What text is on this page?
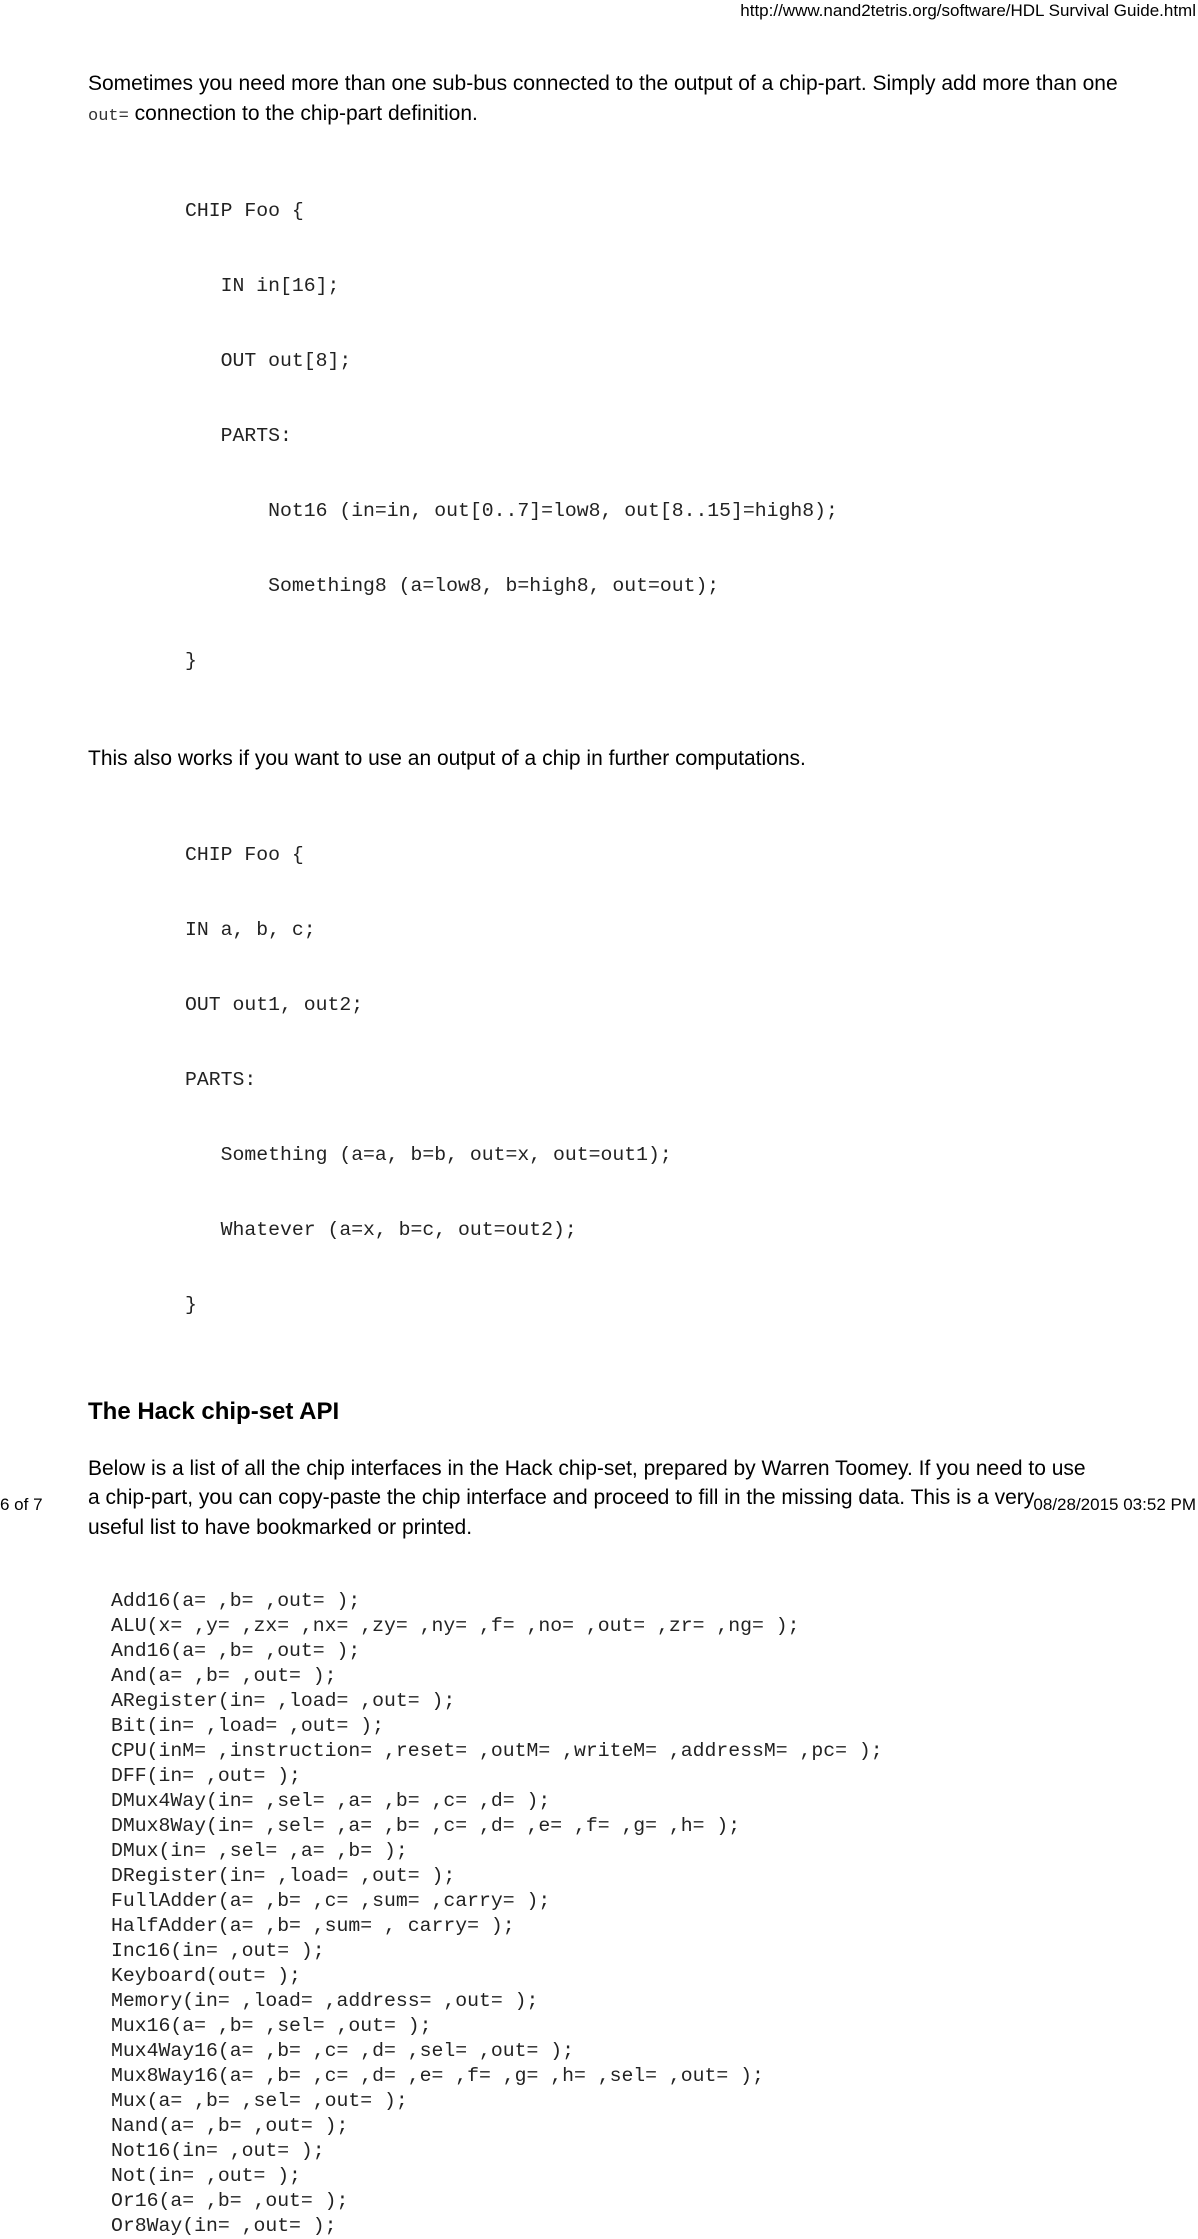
http://www.nand2tetris.org/software/HDL Survival Guide.html

Sometimes you need more than one sub-bus connected to the output of a chip-part. Simply add more than one out= connection to the chip-part definition.

CHIP Foo {

IN in[16];

OUT out[8];

PARTS:

Not16 (in=in, out[0..7]=low8, out[8..15]=high8);

Something8 (a=low8, b=high8, out=out);

}

This also works if you want to use an output of a chip in further computations.

CHIP Foo {

IN a, b, c;

OUT out1, out2;

PARTS:

Something (a=a, b=b, out=x, out=out1);

Whatever (a=x, b=c, out=out2);

}

The Hack chip-set API

Below is a list of all the chip interfaces in the Hack chip-set, prepared by Warren Toomey. If you need to use a chip-part, you can copy-paste the chip interface and proceed to fill in the missing data. This is a very useful list to have bookmarked or printed.

Add16(a= ,b= ,out= );
ALU(x= ,y= ,zx= ,nx= ,zy= ,ny= ,f= ,no= ,out= ,zr= ,ng= );
And16(a= ,b= ,out= );
And(a= ,b= ,out= );
ARegister(in= ,load= ,out= );
Bit(in= ,load= ,out= );
CPU(inM= ,instruction= ,reset= ,outM= ,writeM= ,addressM= ,pc= );
DFF(in= ,out= );
DMux4Way(in= ,sel= ,a= ,b= ,c= ,d= );
DMux8Way(in= ,sel= ,a= ,b= ,c= ,d= ,e= ,f= ,g= ,h= );
DMux(in= ,sel= ,a= ,b= );
DRegister(in= ,load= ,out= );
FullAdder(a= ,b= ,c= ,sum= ,carry= );
HalfAdder(a= ,b= ,sum= , carry= );
Inc16(in= ,out= );
Keyboard(out= );
Memory(in= ,load= ,address= ,out= );
Mux16(a= ,b= ,sel= ,out= );
Mux4Way16(a= ,b= ,c= ,d= ,sel= ,out= );
Mux8Way16(a= ,b= ,c= ,d= ,e= ,f= ,g= ,h= ,sel= ,out= );
Mux(a= ,b= ,sel= ,out= );
Nand(a= ,b= ,out= );
Not16(in= ,out= );
Not(in= ,out= );
Or16(a= ,b= ,out= );
Or8Way(in= ,out= );
6 of 7	08/28/2015 03:52 PM
